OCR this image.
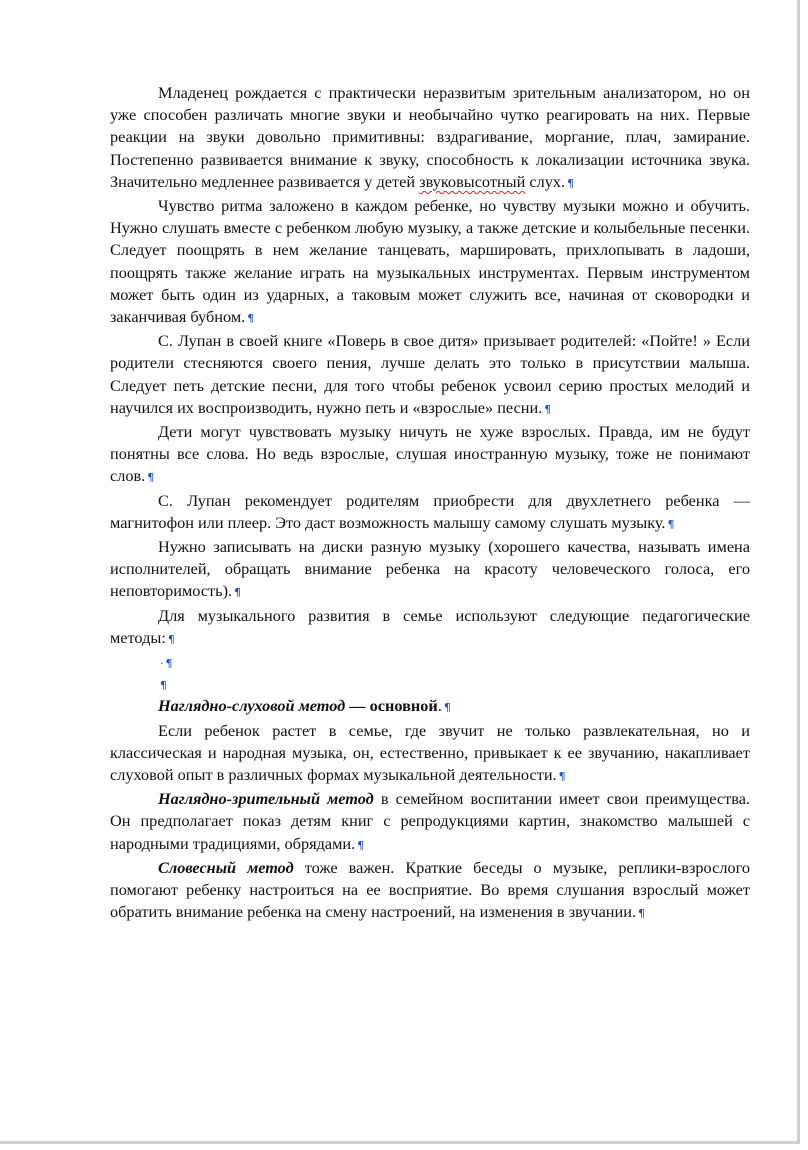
Младенец рождается с практически неразвитым зрительным анализатором, но он уже способен различать многие звуки и необычайно чутко реагировать на них. Первые реакции на звуки довольно примитивны: вздрагивание, моргание, плач, замирание. Постепенно развивается внимание к звуку, способность к локализации источника звука. Значительно медленнее развивается у детей звуковысотный слух. ¶

Чувство ритма заложено в каждом ребенке, но чувству музыки можно и обучить. Нужно слушать вместе с ребенком любую музыку, а также детские и колыбельные песенки. Следует поощрять в нем желание танцевать, маршировать, прихлопывать в ладоши, поощрять также желание играть на музыкальных инструментах. Первым инструментом может быть один из ударных, а таковым может служить все, начиная от сковородки и заканчивая бубном. ¶

С. Лупан в своей книге «Поверь в свое дитя» призывает родителей: «Пойте! » Если родители стесняются своего пения, лучше делать это только в присутствии малыша. Следует петь детские песни, для того чтобы ребенок усвоил серию простых мелодий и научился их воспроизводить, нужно петь и «взрослые» песни. ¶

Дети могут чувствовать музыку ничуть не хуже взрослых. Правда, им не будут понятны все слова. Но ведь взрослые, слушая иностранную музыку, тоже не понимают слов. ¶

С. Лупан рекомендует родителям приобрести для двухлетнего ребенка — магнитофон или плеер. Это даст возможность малышу самому слушать музыку. ¶

Нужно записывать на диски разную музыку (хорошего качества, называть имена исполнителей, обращать внимание ребенка на красоту человеческого голоса, его неповторимость). ¶

Для музыкального развития в семье используют следующие педагогические методы: ¶

· ¶

¶

Наглядно-слуховой метод — основной. ¶

Если ребенок растет в семье, где звучит не только развлекательная, но и классическая и народная музыка, он, естественно, привыкает к ее звучанию, накапливает слуховой опыт в различных формах музыкальной деятельности. ¶

Наглядно-зрительный метод в семейном воспитании имеет свои преимущества. Он предполагает показ детям книг с репродукциями картин, знакомство малышей с народными традициями, обрядами. ¶

Словесный метод тоже важен. Краткие беседы о музыке, реплики-взрослого помогают ребенку настроиться на ее восприятие. Во время слушания взрослый может обратить внимание ребенка на смену настроений, на изменения в звучании. ¶
